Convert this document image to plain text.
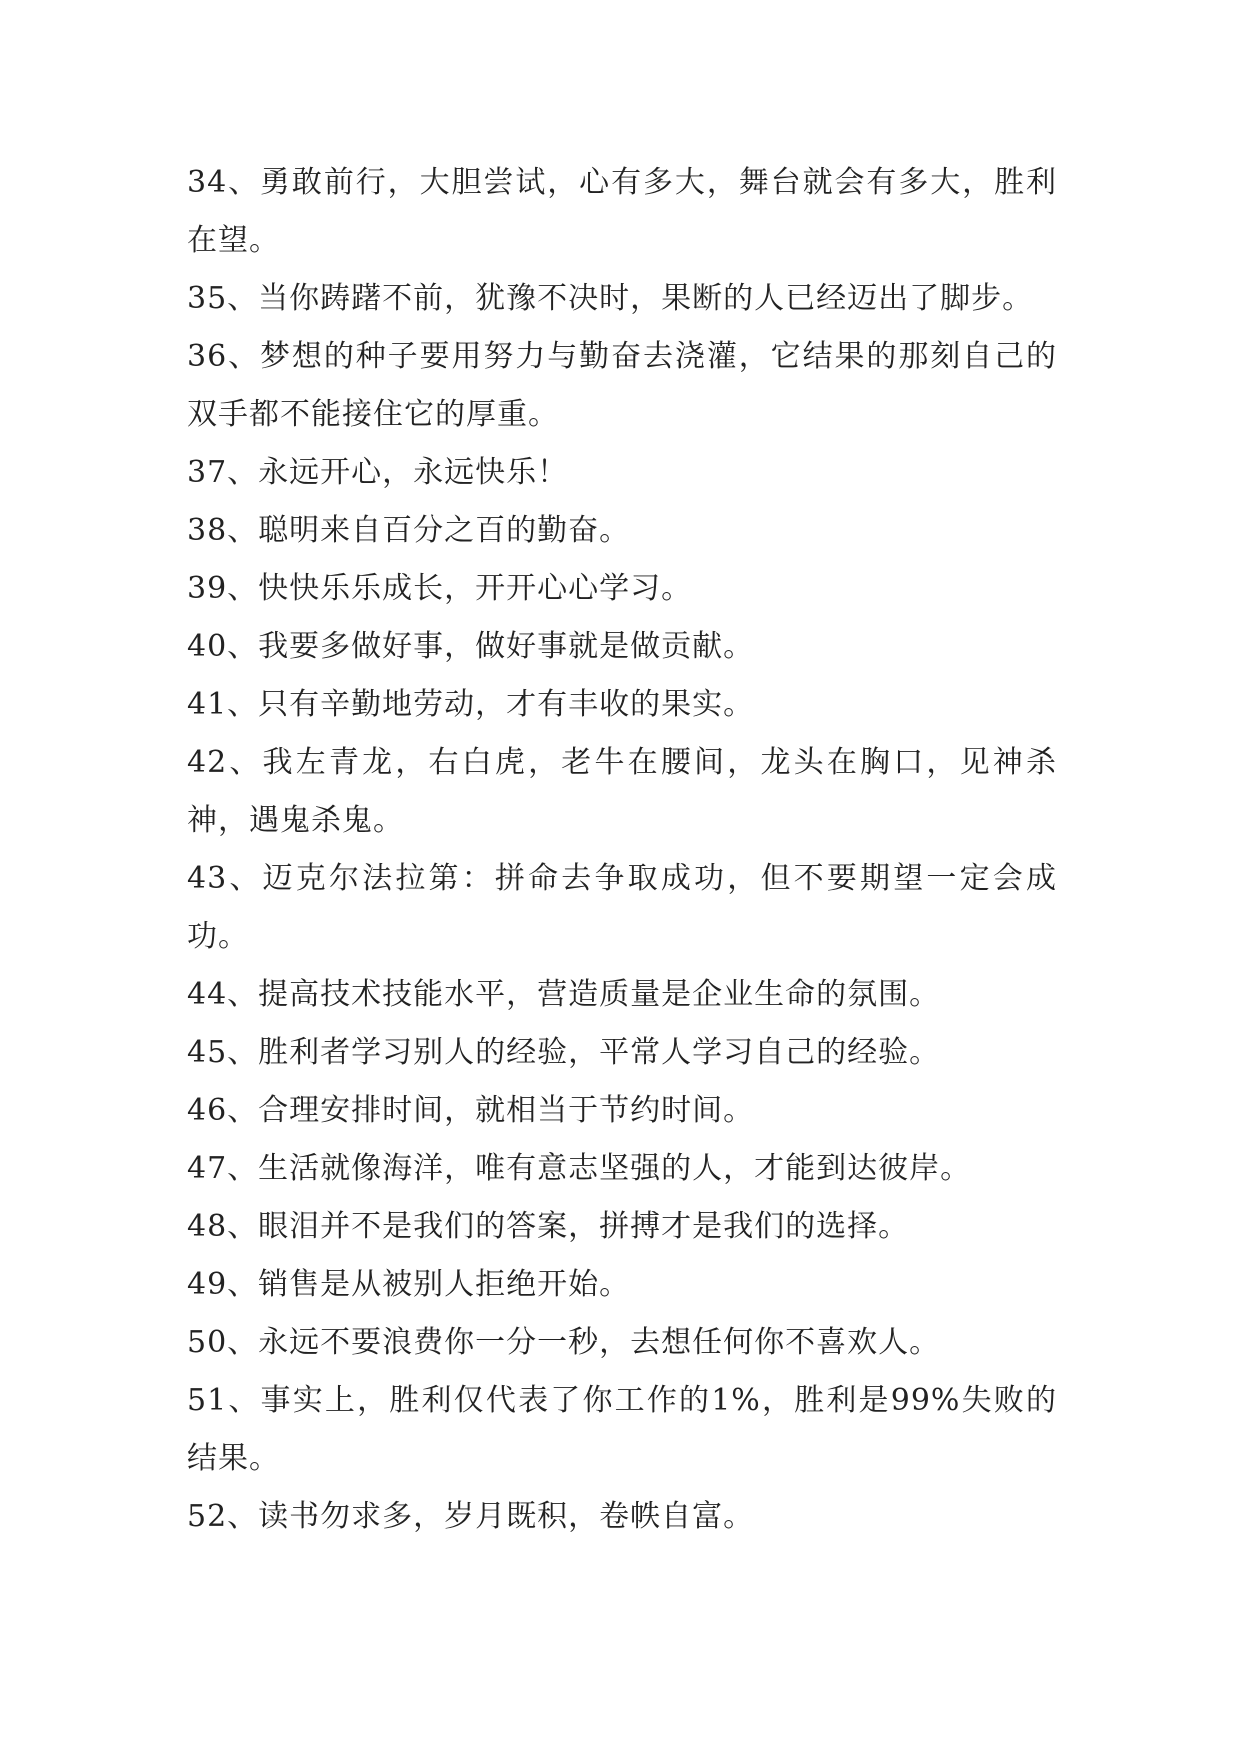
34、勇敢前行，大胆尝试，心有多大，舞台就会有多大，胜利在望。

35、当你踌躇不前，犹豫不决时，果断的人已经迈出了脚步。

36、梦想的种子要用努力与勤奋去浇灌，它结果的那刻自己的双手都不能接住它的厚重。

37、永远开心，永远快乐！

38、聪明来自百分之百的勤奋。

39、快快乐乐成长，开开心心学习。

40、我要多做好事，做好事就是做贡献。

41、只有辛勤地劳动，才有丰收的果实。

42、我左青龙，右白虎，老牛在腰间，龙头在胸口，见神杀神，遇鬼杀鬼。

43、迈克尔法拉第：拼命去争取成功，但不要期望一定会成功。

44、提高技术技能水平，营造质量是企业生命的氛围。

45、胜利者学习别人的经验，平常人学习自己的经验。

46、合理安排时间，就相当于节约时间。

47、生活就像海洋，唯有意志坚强的人，才能到达彼岸。

48、眼泪并不是我们的答案，拼搏才是我们的选择。

49、销售是从被别人拒绝开始。

50、永远不要浪费你一分一秒，去想任何你不喜欢人。

51、事实上，胜利仅代表了你工作的1%，胜利是99%失败的结果。

52、读书勿求多，岁月既积，卷帙自富。
